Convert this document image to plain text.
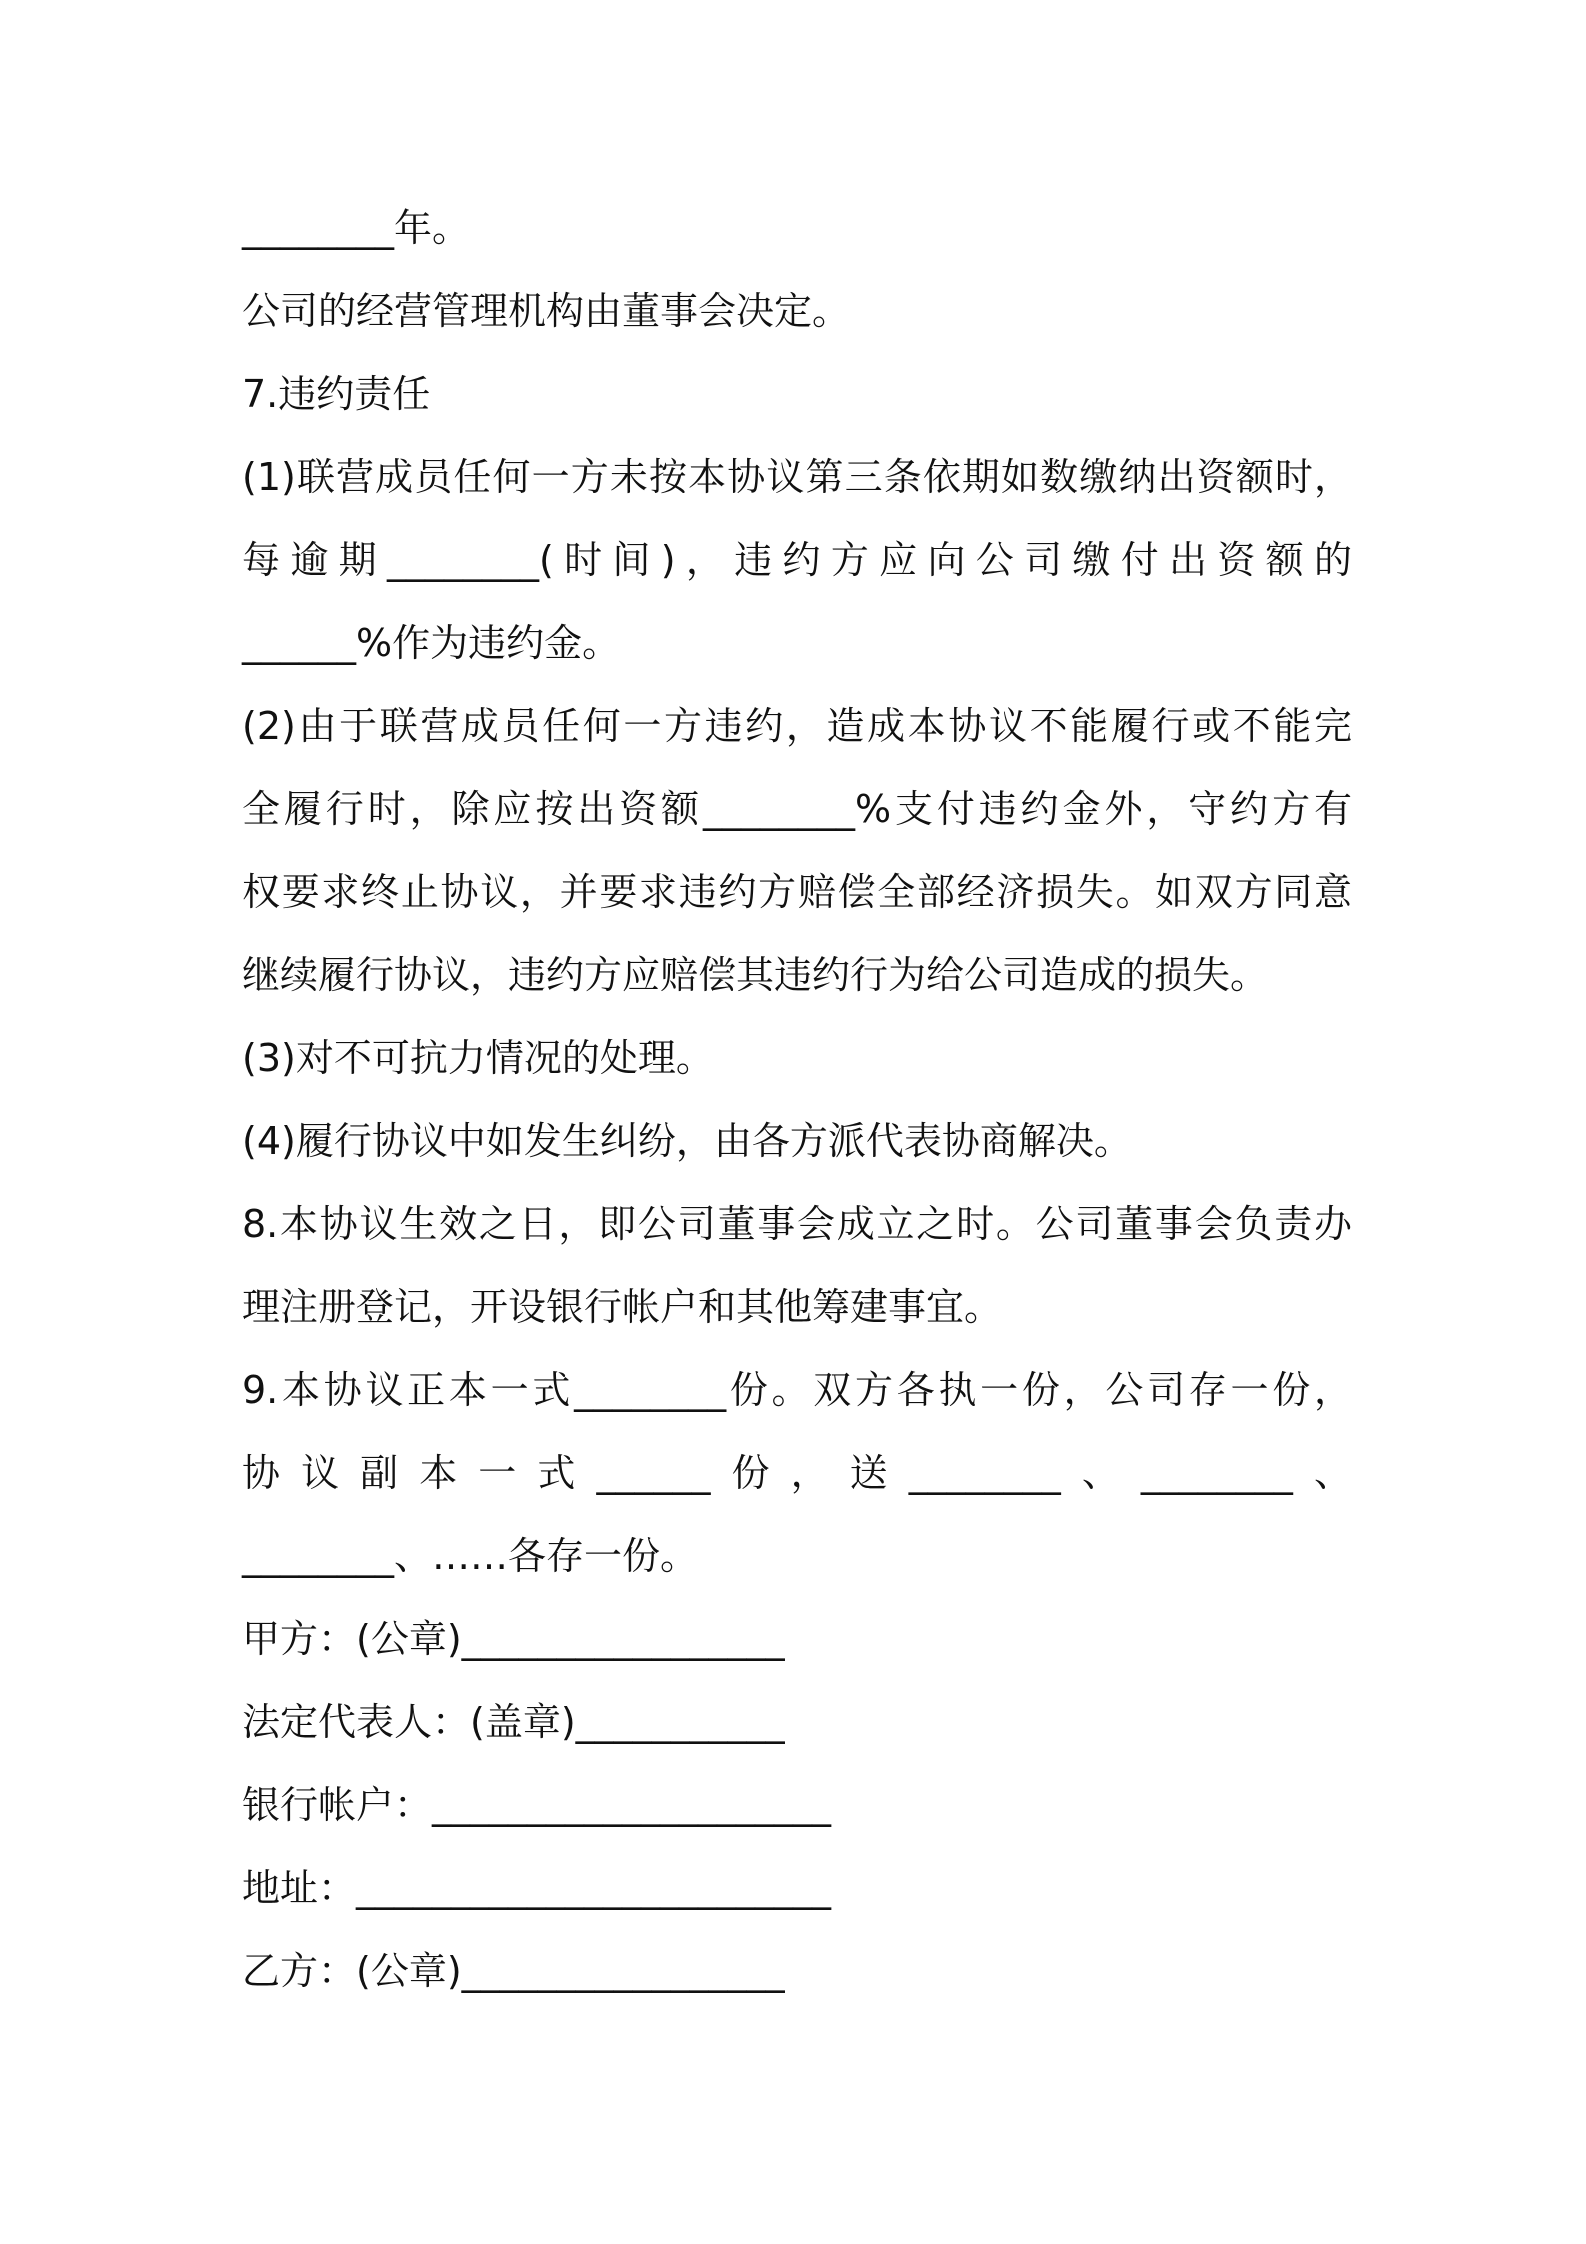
________年。
公司的经营管理机构由董事会决定。
7.违约责任
(1)联营成员任何一方未按本协议第三条依期如数缴纳出资额时，
每逾期________(时间)，违约方应向公司缴付出资额的
______%作为违约金。
(2)由于联营成员任何一方违约，造成本协议不能履行或不能完
全履行时，除应按出资额________%支付违约金外，守约方有
权要求终止协议，并要求违约方赔偿全部经济损失。如双方同意
继续履行协议，违约方应赔偿其违约行为给公司造成的损失。
(3)对不可抗力情况的处理。
(4)履行协议中如发生纠纷，由各方派代表协商解决。
8.本协议生效之日，即公司董事会成立之时。公司董事会负责办
理注册登记，开设银行帐户和其他筹建事宜。
9.本协议正本一式________份。双方各执一份，公司存一份，
协议副本一式______份，送________、________、
________、……各存一份。
甲方：(公章)_________________
法定代表人：(盖章)___________
银行帐户：_____________________
地址：_________________________
乙方：(公章)_________________
